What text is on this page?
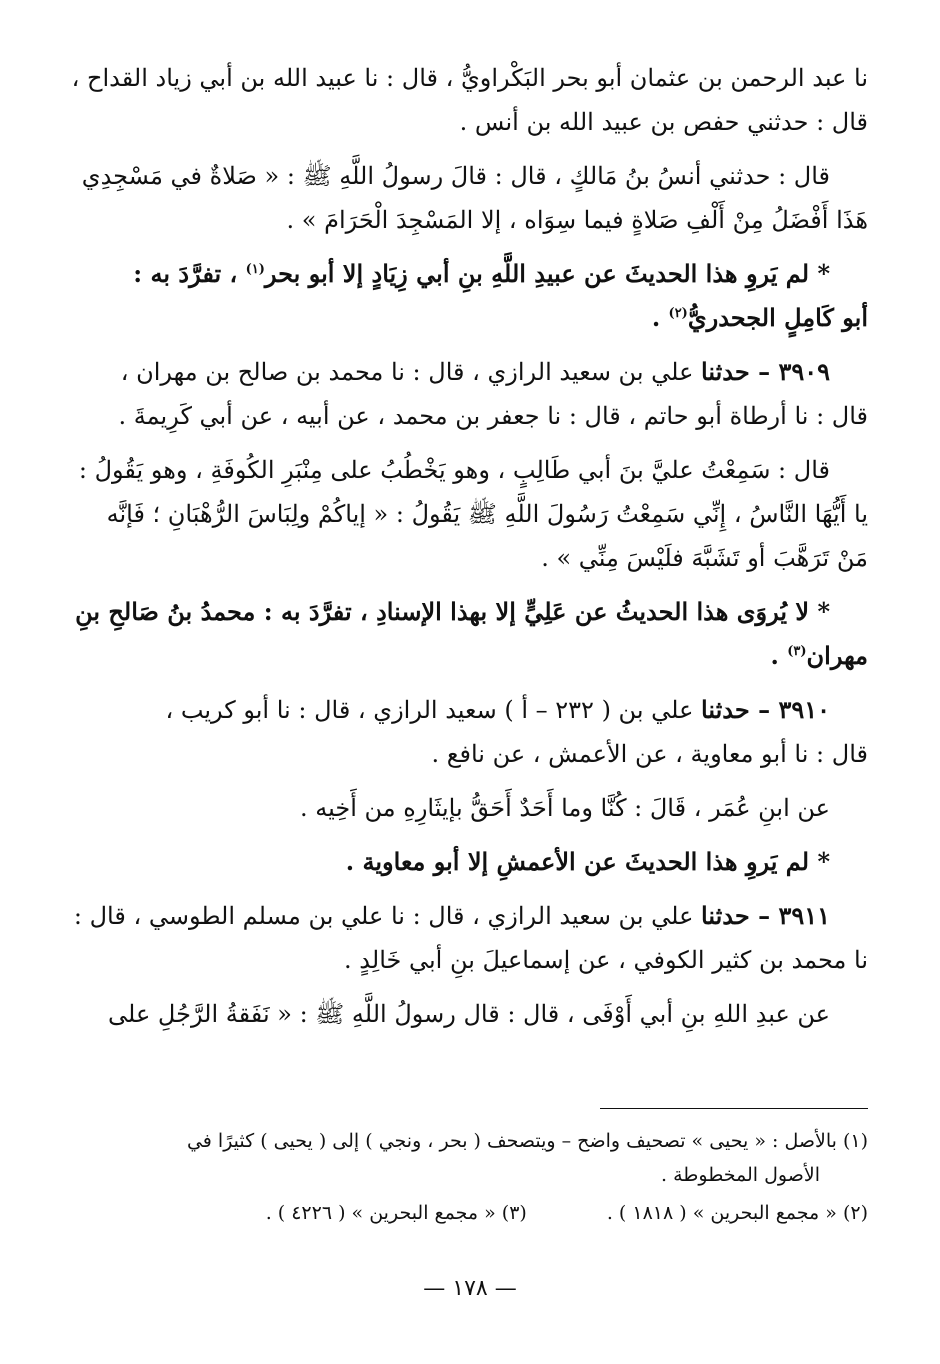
نا عبد الرحمن بن عثمان أبو بحر البَكْراويُّ ، قال : نا عبيد الله بن أبي زياد القداح ،
قال : حدثني حفص بن عبيد الله بن أنس .
قال : حدثني أنسُ بنُ مَالكٍ ، قال : قالَ رسولُ اللَّهِ ﷺ : « صَلاةٌ في مَسْجِدِي
هَذَا أَفْضَلُ مِنْ أَلْفِ صَلاةٍ فيما سِوَاه ، إلا المَسْجِدَ الْحَرَامَ » .
* لم يَروِ هذا الحديثَ عن عبيدِ اللَّهِ بنِ أبي زِيَادٍ إلا أبو بحر$^{(١)}$ ، تفرَّدَ به :
أبو كَامِلٍ الجحدريُّ$^{(٢)}$ .
٣٩٠٩ – حدثنا علي بن سعيد الرازي ، قال : نا محمد بن صالح بن مهران ،
قال : نا أرطاة أبو حاتم ، قال : نا جعفر بن محمد ، عن أبيه ، عن أبي كَرِيمةَ .
قال : سَمِعْتُ عليَّ بنَ أبي طَالِبٍ ، وهو يَخْطُبُ على مِنْبَرِ الكُوفَةِ ، وهو يَقُولُ :
يا أَيُّهَا النَّاسُ ، إِنِّي سَمِعْتُ رَسُولَ اللَّهِ ﷺ يَقُولُ : « إياكُمْ ولِبَاسَ الرُّهْبَانِ ؛ فَإنَّه
مَنْ تَرَهَّبَ أو تَشَبَّهَ فلَيْسَ مِنِّي » .
* لا يُروَى هذا الحديثُ عن عَلِيٍّ إلا بهذا الإسنادِ ، تفرَّدَ به : محمدُ بنُ صَالحِ بنِ
مهران$^{(٣)}$ .
٣٩١٠ – حدثنا علي بن ( ٢٣٢ – أ ) سعيد الرازي ، قال : نا أبو كريب ،
قال : نا أبو معاوية ، عن الأعمش ، عن نافع .
عن ابنِ عُمَر ، قَالَ : كُنَّا وما أَحَدٌ أَحَقُّ بإيثَارِهِ من أَخِيه .
* لم يَروِ هذا الحديثَ عن الأعمشِ إلا أبو معاوية .
٣٩١١ – حدثنا علي بن سعيد الرازي ، قال : نا علي بن مسلم الطوسي ، قال :
نا محمد بن كثير الكوفي ، عن إسماعيلَ بنِ أبي خَالِدٍ .
عن عبدِ اللهِ بنِ أبي أَوْفَى ، قال : قال رسولُ اللَّهِ ﷺ : « نَفَقةُ الرَّجُلِ على
(١) بالأصل : « يحيى » تصحيف واضح – ويتصحف ( بحر ، ونجي ) إلى ( يحيى ) كثيرًا في
الأصول المخطوطة .
(٢) « مجمع البحرين » ( ١٨١٨ ) .
(٣) « مجمع البحرين » ( ٤٢٢٦ ) .
— ١٧٨ —
